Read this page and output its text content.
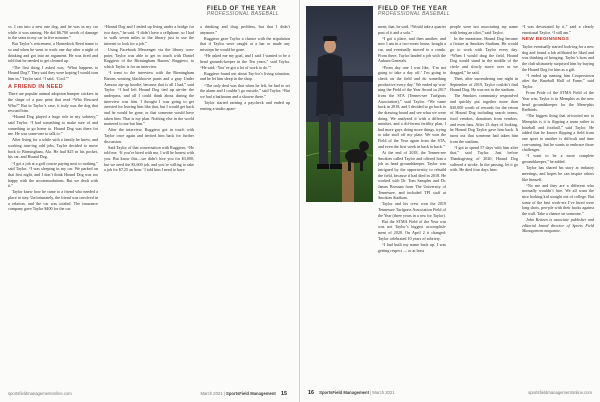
FIELD OF THE YEAR
PROFESSIONAL BASEBALL

vs. I ran into a new one dog, and he was in my car while it was raining. He did $6,700 worth of damage to the seats in my car in five minutes.”

But Taylor’s retirement, a Homedock Reed name is so and when he went to work one day after a night of drinking and got into an argument. He was fired and told that he needed to get cleaned up.

“The first thing I asked was, ‘What happens to Hound Dog?’ They said they were hoping I would turn him in,” Taylor said. “I said, ‘Cool.’”

A FRIEND IN NEED

There are popular animal adoption bumper stickers in the shape of a paw print that read “Who Rescued Who?” But in Taylor’s case, it truly was the dog that rescued him.

“Hound Dog played a huge role in my sobriety,” said Taylor. “I had something to make sure of and something to go home to. Hound Dog was there for me. He was some-one to talk to.”

After living for a while with a family he knew, and working turn-ing odd jobs, Taylor decided to move back to Birmingham, Ala. He had $25 in his pocket, his car, and Hound Dog.

“I got a job at a golf course paying next to nothing,” said Taylor. “I was sleeping in my car. We parked on that first night, and I don’t think Hound Dog was too happy with the accommodations. But we dealt with it.”

Taylor knew how he came to a friend who needed a place to stay. Unfortunately, the friend was involved in a relation, and the car was totaled. The insurance company gave Taylor $400 for the car.

“Hound Dog and I ended up living under a bridge for two days,” he said. “I didn’t have a cellphone, so I had to walk seven miles to the library just to use the internet to look for a job.”

Using Facebook Messenger via the library com-puter, Taylor was able to get in touch with Daniel Ruggiero of the Birmingham Barons’ Ruggiero, to which Taylor is for an interview.

“I went to the interview with the Birmingham Barons wearing blackhoove pants and a gray Under Armour zip-up hoodie, because that is all I had,” said Taylor. “I had left Hound Dog tied up un-der the underpass, and all I could think about during the interview was him. I thought I was going to get arrested for leaving him like that, but I would get back and he would be gone, or that someone would have taken him. That is my plan. Nothing else in the world mattered to me but him.”

After the interview, Ruggiero got in touch with Taylor once again and invited him back for further discussion.

Said Taylor of that conversation with Ruggiero, “He told me, ‘If you’re hired with me, I will be honest with you. But know this—we didn’t hire you for $3,000, but we need the $3,600 job, and you’re willing to take a job for $7.25 an hour.’ I told him I need to have

a drinking and drug problem, but that I didn’t anymore.”

Ruggiero gave Taylor a chance with the stipulation that if Taylor were caught at a bar or made any missteps he would be gone.

“He asked me my goal, and I said I wanted to be a head grounds-keeper in the Ten years,” said Taylor. “He said, ‘You’ve got a lot of work to do.’”

Ruggiero found out about Tay-lor’s living situation, and he let him sleep in the shop.

“The only deal was that when he left, he had to set the alarm and I couldn’t go outside,” said Taylor. “But we had a bathroom and a shower there.”

Taylor started earning a paycheck and ended up renting a studio apart-

sportsfieldmanagementonline.com	March 2021 | SportsField Management 15
FIELD OF THE YEAR
PROFESSIONAL BASEBALL

ment; that, he said, “Would take a quarter past of it and a sofa.”

“I got a place, and then another, and now I am in a two-room house, bought a car, and eventually moved to a condo. From there, Taylor landed a job with the Auburn Generals.

“From day one I was like, ‘I’m not going to take a day off.’ I’m going to check on the field and do something productive every day.’ We ended up win-ning the Field of the Year Award in 2017 from the STA (Tennes-see Turfgrass Association),” said Taylor. “We came back in 2018, and I decided to go back to the drawing board and see what we were doing. We analyzed it with a different mindset, and a dif-ferent fertility plan, I had more guys doing more things, trying to take stuff off my plate. We won the Field of the Year again from the STA, and even the first week in back to back.”

At the end of 2018, the Tennes-see Smokies called Taylor and offered him a job as head groundskeeper. Taylor was intrigued by the opportu-nity to rebuild the field, because it had died in 2018. He worked with Dr. Tom Samples and Dr. James Brosnan from The University of Tennessee, and included TPI staff at Smokies Stadium.

Taylor and his crew won the 2019 Tennessee Turfgrass Association Field of the Year (three years in a row for Taylor).

But the STMA Field of the Year win was not Taylor’s biggest accomplish-ment of 2020. On April 2 it changed: Taylor celebrated 10 years of sobriety.

“I had built my name back up, I was getting respect — or at least

people were not associating my name with being an idiot,” said Taylor.

In the meantime, Hound Dog became a fixture at Smokies Stadium. He would go to work with Taylor every day. “When I would drag the field, Hound Dog would stand in the middle of the circle and slowly move over as we dragged,” he said.

Then, after surrendering one night in September of 2019, Taylor couldn’t find Hound Dog. He was not in the stadium.

The Smokies community respond-ed and quickly put together more than $30,000 worth of rewards for the return of Hound Dog including search teams, food vendors, donations from vendors, and even fans. After 23 days of looking, he Hound Dog Taylor gave him back. It turns out that someone had taken him from the stadium.

“I got to spend 57 days with him after that,” said Taylor. Just before Thanksgiving of 2020, Hound Dog suffered a stroke. In the passing, let it go with. He died four days later.

“I was devastated by it,” said a clearly emotional Taylor. “I still am.”

NEW BEGINNINGS

Taylor eventually started look-ing for a new dog and found a lab affiliated he liked and was thinking of bringing. Taylor’s boss and the club ultimately surprised him by buying the Hound Dog for him as a gift.

“I ended up naming him Cooperstown after the Baseball Hall of Fame,” said Taylor.

From Pride of the STMA Field of the Year win, Taylor is in Memphis as the new head groundskeeper for the Mem-phis Redbirds.

“The biggest thing that at-tracted me to Memphis is it is flipping a team rather to baseball and football,” said Taylor. He added that he knows flipping a field from one sport to another is difficult and time con-suming, but he wants to embrace those challenges.

“I want to be a more complete groundskeeper,” he added.

Taylor has shared his story at industry meetings, and hopes he can inspire others like himself.

“No me and they are a different who normally wouldn’t hire. We all want the nice looking kid straight out of college. But some of the best work-ers I’ve hired were long shots, peo-ple with their backs against the wall. Take a chance on someone.”

John Reitzen is associate publisher and editorial brand director of Sports Field Management magazine.

16 SportsField Management | March 2021	sportsfieldmanagementonline.com
